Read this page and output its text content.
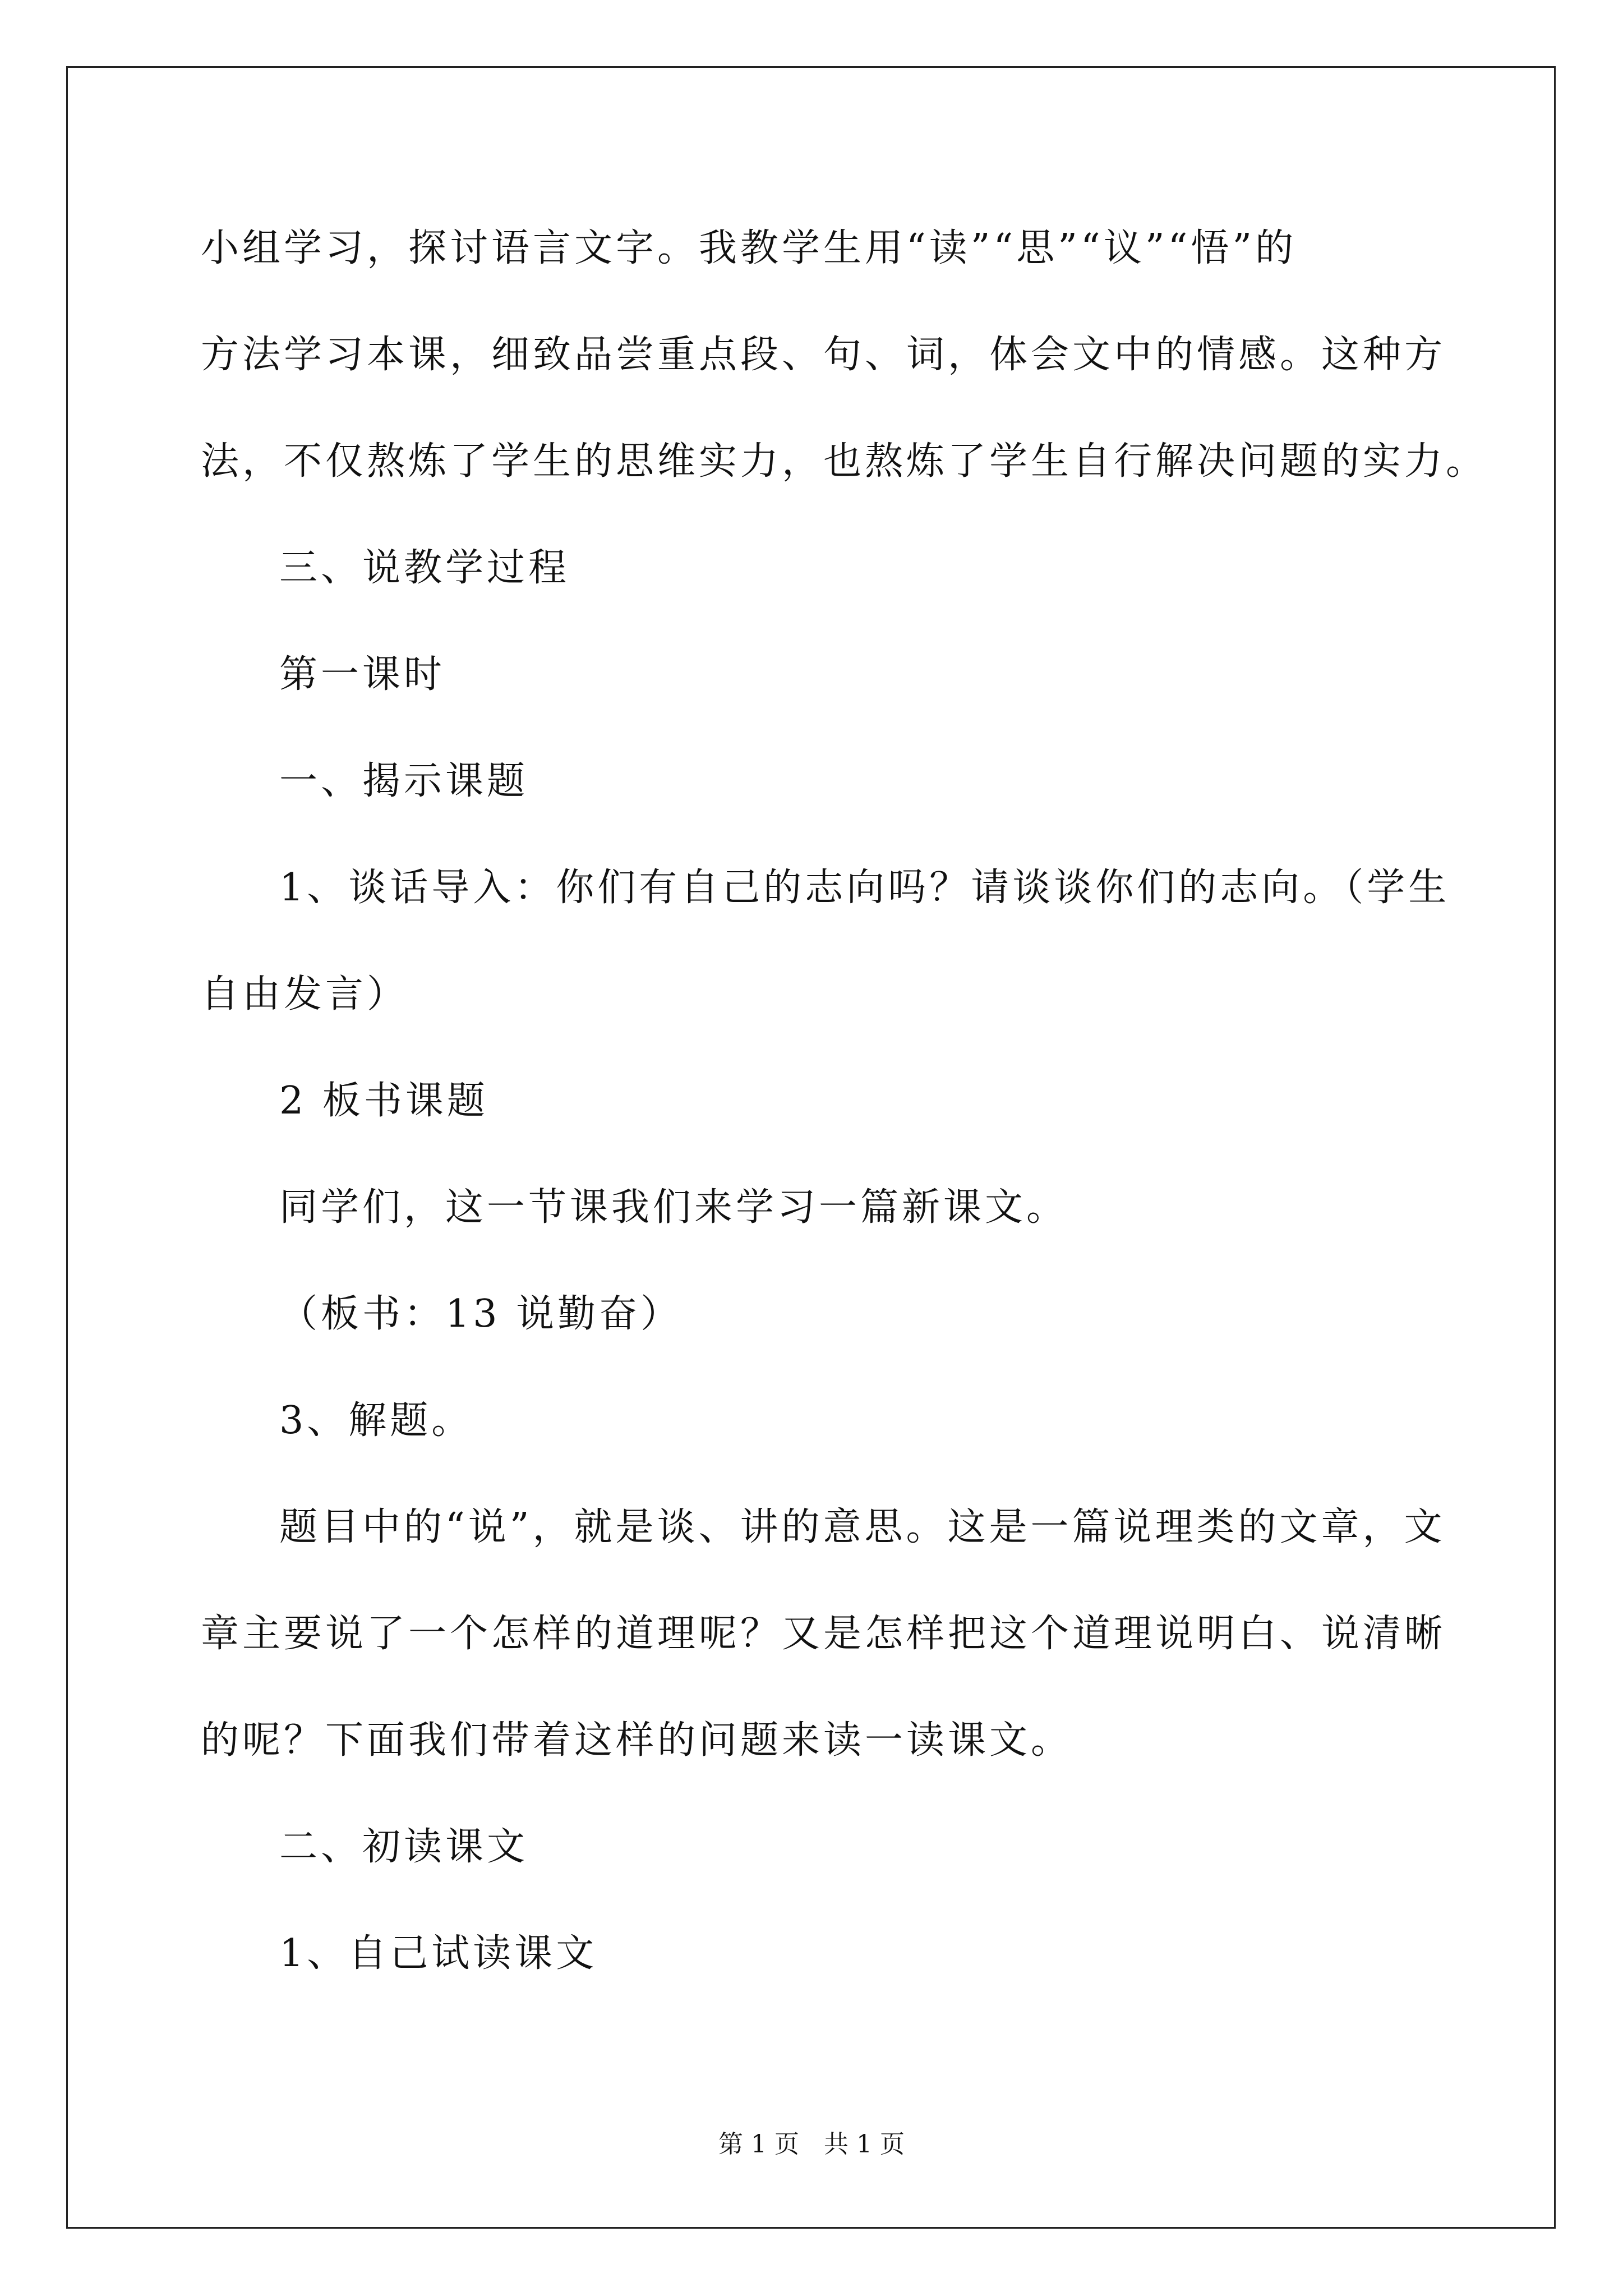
小组学习，探讨语言文字。我教学生用“读”“思”“议”“悟”的
方法学习本课，细致品尝重点段、句、词，体会文中的情感。这种方
法，不仅熬炼了学生的思维实力，也熬炼了学生自行解决问题的实力。
三、说教学过程
第一课时
一、揭示课题
1、谈话导入：你们有自己的志向吗？请谈谈你们的志向。（学生
自由发言）
2 板书课题
同学们，这一节课我们来学习一篇新课文。
（板书：13 说勤奋）
3、解题。
题目中的“说”，就是谈、讲的意思。这是一篇说理类的文章，文
章主要说了一个怎样的道理呢？又是怎样把这个道理说明白、说清晰
的呢？下面我们带着这样的问题来读一读课文。
二、初读课文
1、自己试读课文
第 1 页　共 1 页
